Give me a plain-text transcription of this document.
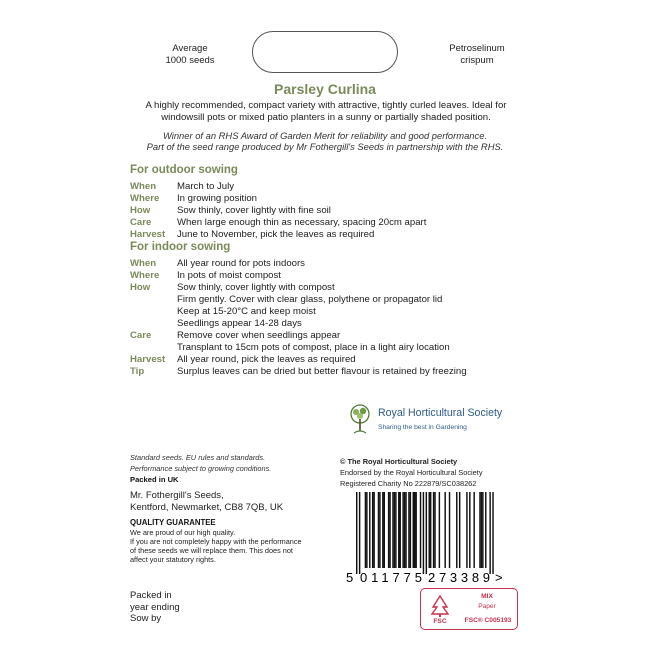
Average
1000 seeds
Petroselinum
crispum
Parsley Curlina
A highly recommended, compact variety with attractive, tightly curled leaves. Ideal for
windowsill pots or mixed patio planters in a sunny or partially shaded position.
Winner of an RHS Award of Garden Merit for reliability and good performance.
Part of the seed range produced by Mr Fothergill's Seeds in partnership with the RHS.
For outdoor sowing
When	March to July
Where	In growing position
How	Sow thinly, cover lightly with fine soil
Care	When large enough thin as necessary, spacing 20cm apart
Harvest	June to November, pick the leaves as required
For indoor sowing
When	All year round for pots indoors
Where	In pots of moist compost
How	Sow thinly, cover lightly with compost
Firm gently. Cover with clear glass, polythene or propagator lid
Keep at 15-20°C and keep moist
Seedlings appear 14-28 days
Care	Remove cover when seedlings appear
Transplant to 15cm pots of compost, place in a light airy location
Harvest	All year round, pick the leaves as required
Tip	Surplus leaves can be dried but better flavour is retained by freezing
Royal Horticultural Society
Sharing the best in Gardening
Standard seeds. EU rules and standards.
Performance subject to growing conditions.
Packed in UK
Mr. Fothergill's Seeds,
Kentford, Newmarket, CB8 7QB, UK
QUALITY GUARANTEE
We are proud of our high quality.
If you are not completely happy with the performance
of these seeds we will replace them. This does not
affect your statutory rights.
Packed in
year ending
Sow by
© The Royal Horticultural Society
Endorsed by the Royal Horticultural Society
Registered Charity No 222879/SC038262
5 011775 273389 >
FSC
MIX
Paper
FSC® C005193
